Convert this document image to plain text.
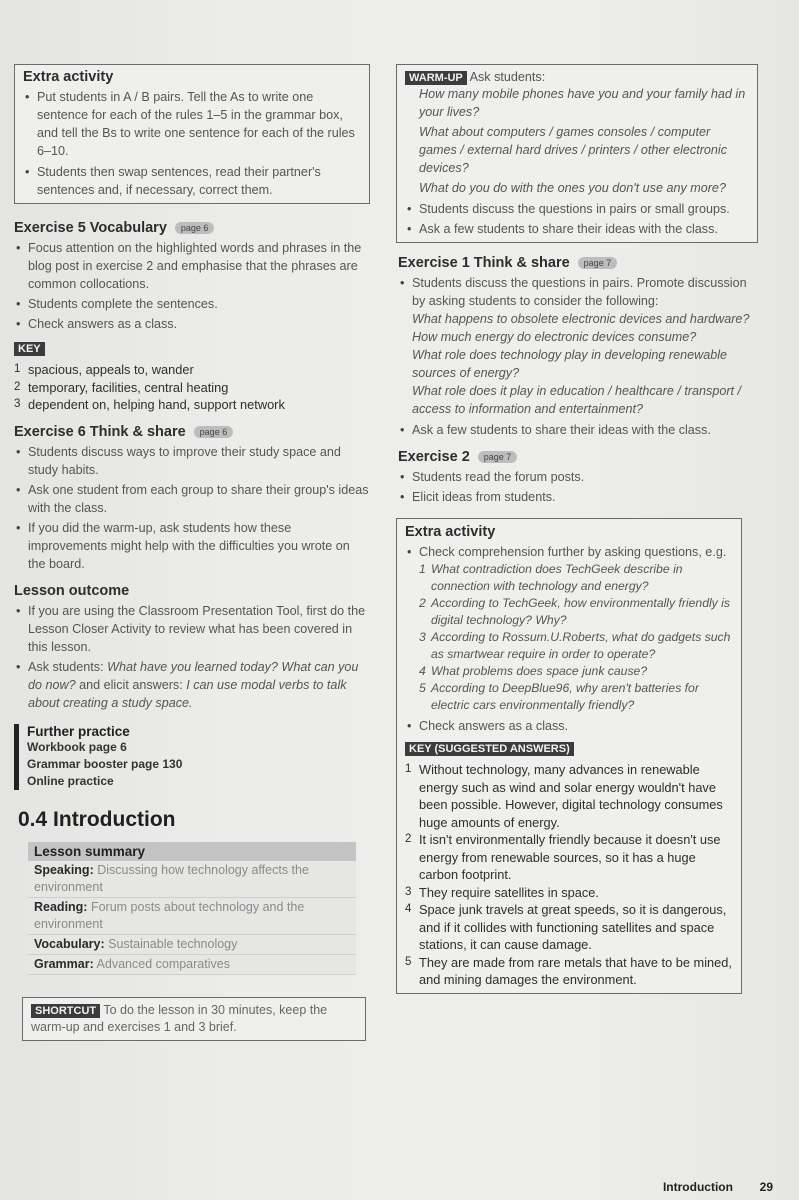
Extra activity
• Put students in A / B pairs. Tell the As to write one sentence for each of the rules 1–5 in the grammar box, and tell the Bs to write one sentence for each of the rules 6–10.
• Students then swap sentences, read their partner's sentences and, if necessary, correct them.
Exercise 5 Vocabulary	page 6
• Focus attention on the highlighted words and phrases in the blog post in exercise 2 and emphasise that the phrases are common collocations.
• Students complete the sentences.
• Check answers as a class.
KEY
1 spacious, appeals to, wander
2 temporary, facilities, central heating
3 dependent on, helping hand, support network
Exercise 6 Think & share	page 6
• Students discuss ways to improve their study space and study habits.
• Ask one student from each group to share their group's ideas with the class.
• If you did the warm-up, ask students how these improvements might help with the difficulties you wrote on the board.
Lesson outcome
• If you are using the Classroom Presentation Tool, first do the Lesson Closer Activity to review what has been covered in this lesson.
• Ask students: What have you learned today? What can you do now? and elicit answers: I can use modal verbs to talk about creating a study space.
Further practice
Workbook page 6
Grammar booster page 130
Online practice
0.4 Introduction
Lesson summary
Speaking: Discussing how technology affects the environment
Reading: Forum posts about technology and the environment
Vocabulary: Sustainable technology
Grammar: Advanced comparatives
SHORTCUT To do the lesson in 30 minutes, keep the warm-up and exercises 1 and 3 brief.
WARM-UP Ask students:
How many mobile phones have you and your family had in your lives?
What about computers / games consoles / computer games / external hard drives / printers / other electronic devices?
What do you do with the ones you don't use any more?
• Students discuss the questions in pairs or small groups.
• Ask a few students to share their ideas with the class.
Exercise 1 Think & share	page 7
• Students discuss the questions in pairs. Promote discussion by asking students to consider the following:
What happens to obsolete electronic devices and hardware?
How much energy do electronic devices consume?
What role does technology play in developing renewable sources of energy?
What role does it play in education / healthcare / transport / access to information and entertainment?
• Ask a few students to share their ideas with the class.
Exercise 2	page 7
• Students read the forum posts.
• Elicit ideas from students.
Extra activity
• Check comprehension further by asking questions, e.g.
1 What contradiction does TechGeek describe in connection with technology and energy?
2 According to TechGeek, how environmentally friendly is digital technology? Why?
3 According to Rossum.U.Roberts, what do gadgets such as smartwear require in order to operate?
4 What problems does space junk cause?
5 According to DeepBlue96, why aren't batteries for electric cars environmentally friendly?
• Check answers as a class.
KEY (SUGGESTED ANSWERS)
1 Without technology, many advances in renewable energy such as wind and solar energy wouldn't have been possible. However, digital technology consumes huge amounts of energy.
2 It isn't environmentally friendly because it doesn't use energy from renewable sources, so it has a huge carbon footprint.
3 They require satellites in space.
4 Space junk travels at great speeds, so it is dangerous, and if it collides with functioning satellites and space stations, it can cause damage.
5 They are made from rare metals that have to be mined, and mining damages the environment.
Introduction 29
